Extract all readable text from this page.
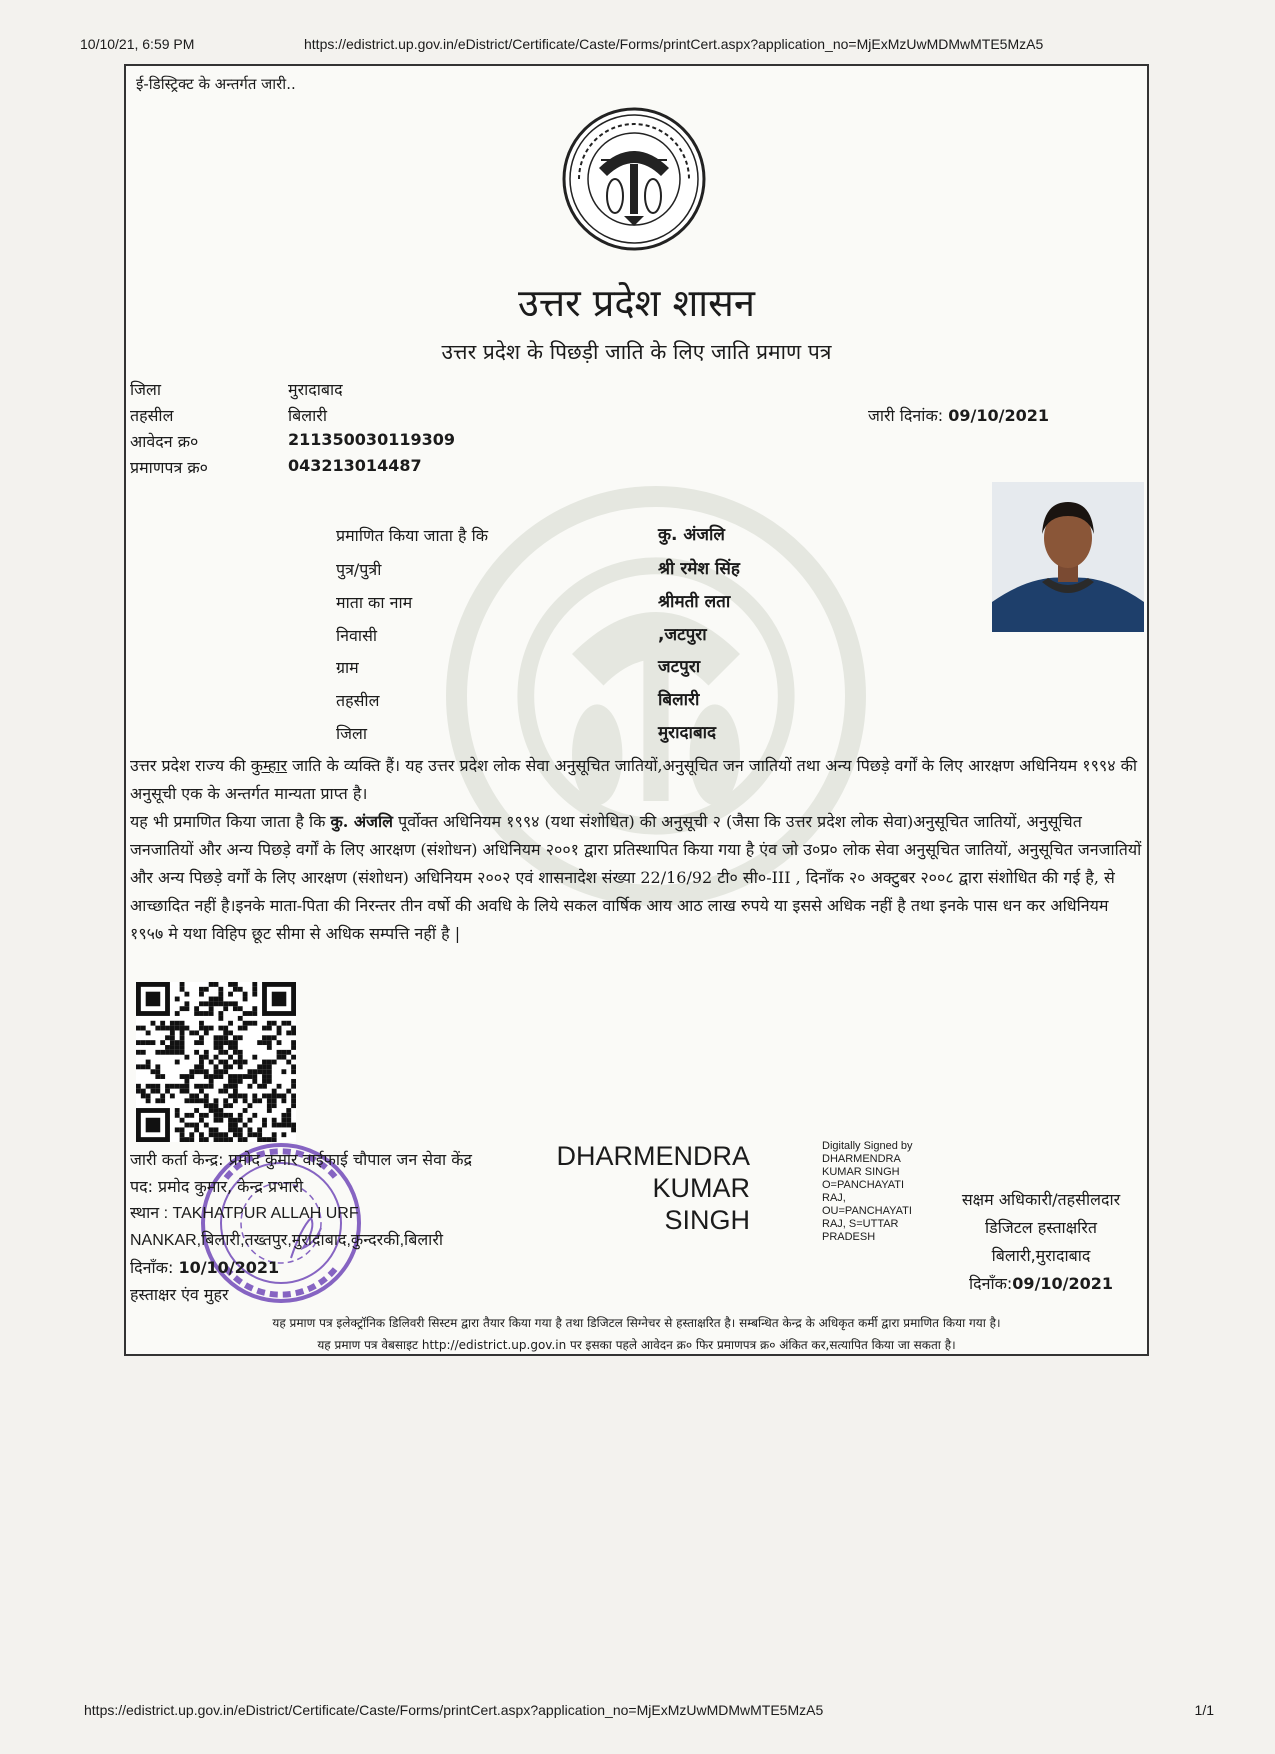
10/10/21, 6:59 PM	https://edistrict.up.gov.in/eDistrict/Certificate/Caste/Forms/printCert.aspx?application_no=MjExMzUwMDMwMTE5MzA5
ई-डिस्ट्रिक्ट के अन्तर्गत जारी..
उत्तर प्रदेश शासन
उत्तर प्रदेश के पिछड़ी जाति के लिए जाति प्रमाण पत्र
जिला	मुरादाबाद
तहसील	बिलारी
आवेदन क्र०	211350030119309
प्रमाणपत्र क्र०	043213014487
जारी दिनांक: 09/10/2021
प्रमाणित किया जाता है कि	कु. अंजलि
पुत्र/पुत्री	श्री रमेश सिंह
माता का नाम	श्रीमती लता
निवासी	,जटपुरा
ग्राम	जटपुरा
तहसील	बिलारी
जिला	मुरादाबाद
उत्तर प्रदेश राज्य की कुम्हार जाति के व्यक्ति हैं। यह उत्तर प्रदेश लोक सेवा अनुसूचित जातियों,अनुसूचित जन जातियों तथा अन्य पिछड़े वर्गों के लिए आरक्षण अधिनियम १९९४ की अनुसूची एक के अन्तर्गत मान्यता प्राप्त है।
यह भी प्रमाणित किया जाता है कि कु. अंजलि पूर्वोक्त अधिनियम १९९४ (यथा संशोधित) की अनुसूची २ (जैसा कि उत्तर प्रदेश लोक सेवा)अनुसूचित जातियों, अनुसूचित जनजातियों और अन्य पिछड़े वर्गों के लिए आरक्षण (संशोधन) अधिनियम २००१ द्वारा प्रतिस्थापित किया गया है एंव जो उ०प्र० लोक सेवा अनुसूचित जातियों, अनुसूचित जनजातियों और अन्य पिछड़े वर्गों के लिए आरक्षण (संशोधन) अधिनियम २००२ एवं शासनादेश संख्या 22/16/92 टी० सी०-III , दिनाँक २० अक्टुबर २००८ द्वारा संशोधित की गई है, से आच्छादित नहीं है।इनके माता-पिता की निरन्तर तीन वर्षो की अवधि के लिये सकल वार्षिक आय आठ लाख रुपये या इससे अधिक नहीं है तथा इनके पास धन कर अधिनियम १९५७ मे यथा विहिप छूट सीमा से अधिक सम्पत्ति नहीं है |
जारी कर्ता केन्द्र: प्रमोद कुमार वाईफाई चौपाल जन सेवा केंद्र
पद: प्रमोद कुमार, केन्द्र प्रभारी
स्थान : TAKHATPUR ALLAH URF
NANKAR,बिलारी,तख्तपुर,मुरादाबाद,कुन्दरकी,बिलारी
दिनाँक: 10/10/2021
हस्ताक्षर एंव मुहर
DHARMENDRA
KUMAR
SINGH
Digitally Signed by
DHARMENDRA
KUMAR SINGH
O=PANCHAYATI
RAJ,
OU=PANCHAYATI
RAJ, S=UTTAR
PRADESH
सक्षम अधिकारी/तहसीलदार
डिजिटल हस्ताक्षरित
बिलारी,मुरादाबाद
दिनाँक:09/10/2021
यह प्रमाण पत्र इलेक्ट्रॉनिक डिलिवरी सिस्टम द्वारा तैयार किया गया है तथा डिजिटल सिग्नेचर से हस्ताक्षरित है। सम्बन्धित केन्द्र के अधिकृत कर्मी द्वारा प्रमाणित किया गया है।
यह प्रमाण पत्र वेबसाइट http://edistrict.up.gov.in पर इसका पहले आवेदन क्र० फिर प्रमाणपत्र क्र० अंकित कर,सत्यापित किया जा सकता है।
https://edistrict.up.gov.in/eDistrict/Certificate/Caste/Forms/printCert.aspx?application_no=MjExMzUwMDMwMTE5MzA5	1/1
